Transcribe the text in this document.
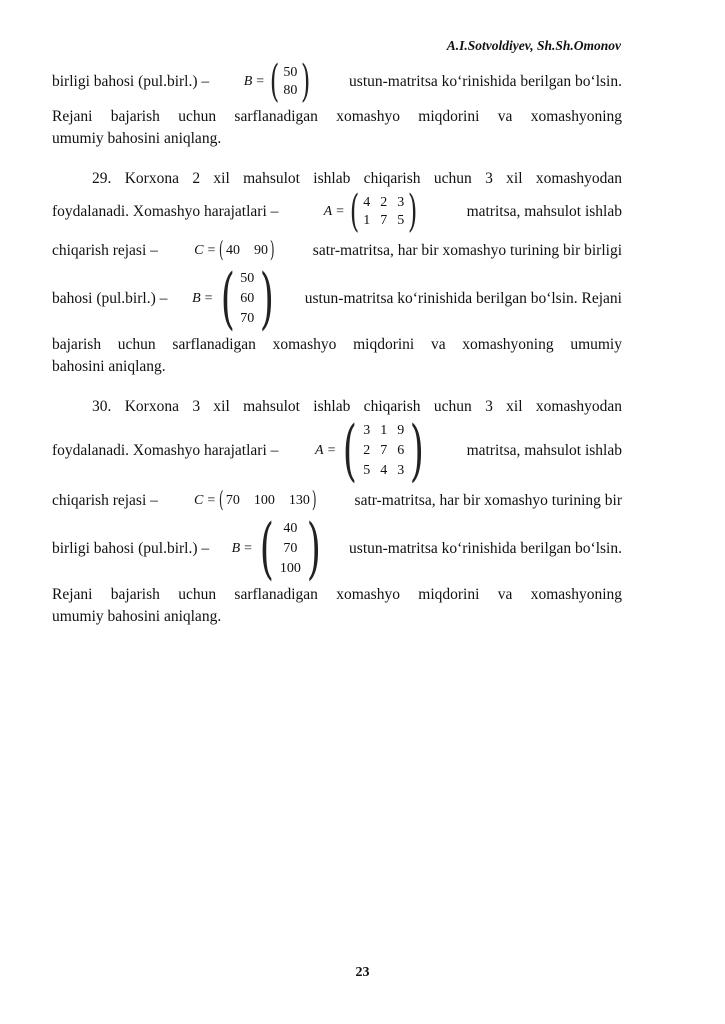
A.I.Sotvoldiyev, Sh.Sh.Omonov
birligi bahosi (pul.birl.) – B = ( 50
80 ) ustun-matritsa ko‘rinishida berilgan bo‘lsin.
Rejani bajarish uchun sarflanadigan xomashyo miqdorini va xomashyoning
umumiy bahosini aniqlang.
29. Korxona 2 xil mahsulot ishlab chiqarish uchun 3 xil xomashyodan
foydalanadi. Xomashyo harajatlari –	A = ( 4 2 3
1 7 5 )	matritsa, mahsulot ishlab
chiqarish rejasi –	C = ( 40 90 ) satr-matritsa, har bir xomashyo turining bir birligi
bahosi (pul.birl.) – B = ( 50
60
70 ) ustun-matritsa ko‘rinishida berilgan bo‘lsin. Rejani
bajarish uchun sarflanadigan xomashyo miqdorini va xomashyoning umumiy
bahosini aniqlang.
30. Korxona 3 xil mahsulot ishlab chiqarish uchun 3 xil xomashyodan
foydalanadi. Xomashyo harajatlari –	A = ( 3 1 9
2 7 6
5 4 3 )	matritsa, mahsulot ishlab
chiqarish rejasi –	C = ( 70 100 130 ) satr-matritsa, har bir xomashyo turining bir
birligi bahosi (pul.birl.) – B = ( 40
70
100 ) ustun-matritsa ko‘rinishida berilgan bo‘lsin.
Rejani bajarish uchun sarflanadigan xomashyo miqdorini va xomashyoning
umumiy bahosini aniqlang.
23
